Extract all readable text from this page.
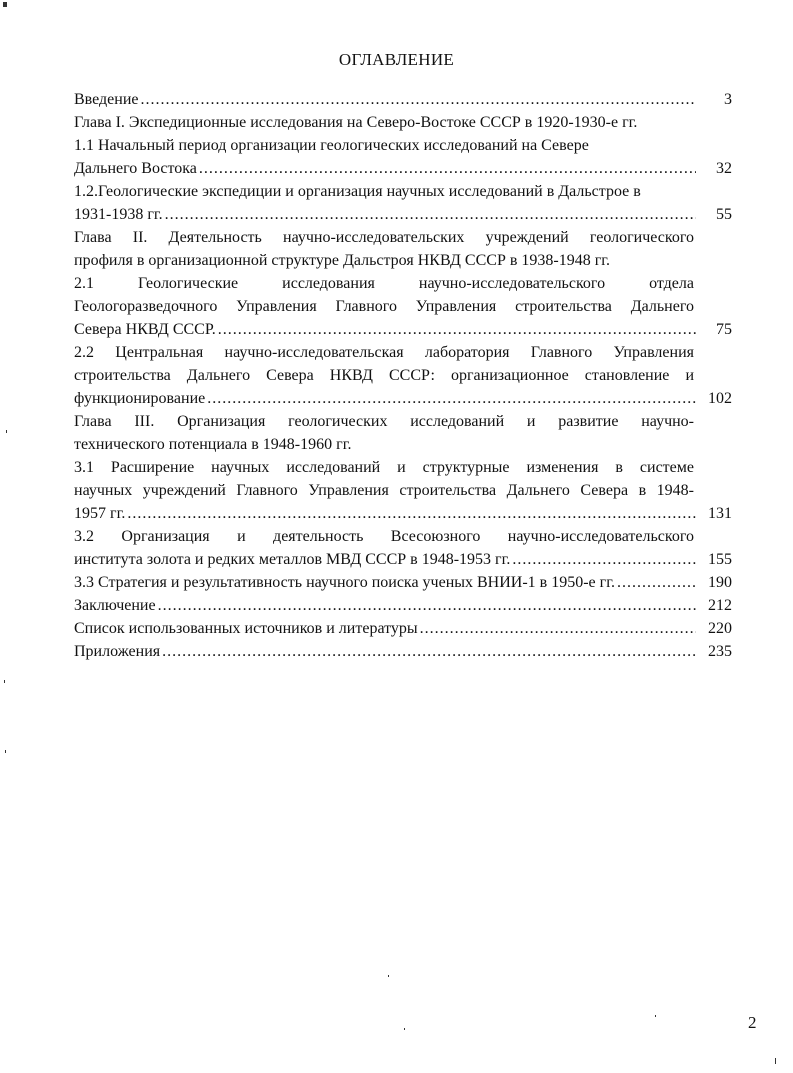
ОГЛАВЛЕНИЕ
Введение .....	3
Глава I. Экспедиционные исследования на Северо-Востоке СССР в 1920-1930-е гг.
1.1 Начальный период организации геологических исследований на Севере
Дальнего Востока .....	32
1.2.Геологические экспедиции и организация научных исследований в Дальстрое в
1931-1938 гг. .....	55
Глава II. Деятельность научно-исследовательских учреждений геологического
профиля в организационной структуре Дальстроя НКВД СССР в 1938-1948 гг.
2.1 Геологические исследования научно-исследовательского отдела
Геологоразведочного Управления Главного Управления строительства Дальнего
Севера НКВД СССР. .....	75
2.2 Центральная научно-исследовательская лаборатория Главного Управления
строительства Дальнего Севера НКВД СССР: организационное становление и
функционирование .....	102
Глава III. Организация геологических исследований и развитие научно-
технического потенциала в 1948-1960 гг.
3.1 Расширение научных исследований и структурные изменения в системе
научных учреждений Главного Управления строительства Дальнего Севера в 1948-
1957 гг. .....	131
3.2 Организация и деятельность Всесоюзного научно-исследовательского
института золота и редких металлов МВД СССР в 1948-1953 гг. .....	155
3.3 Стратегия и результативность научного поиска ученых ВНИИ-1 в 1950-е гг. .....	190
Заключение .....	212
Список использованных источников и литературы .....	220
Приложения .....	235
2
